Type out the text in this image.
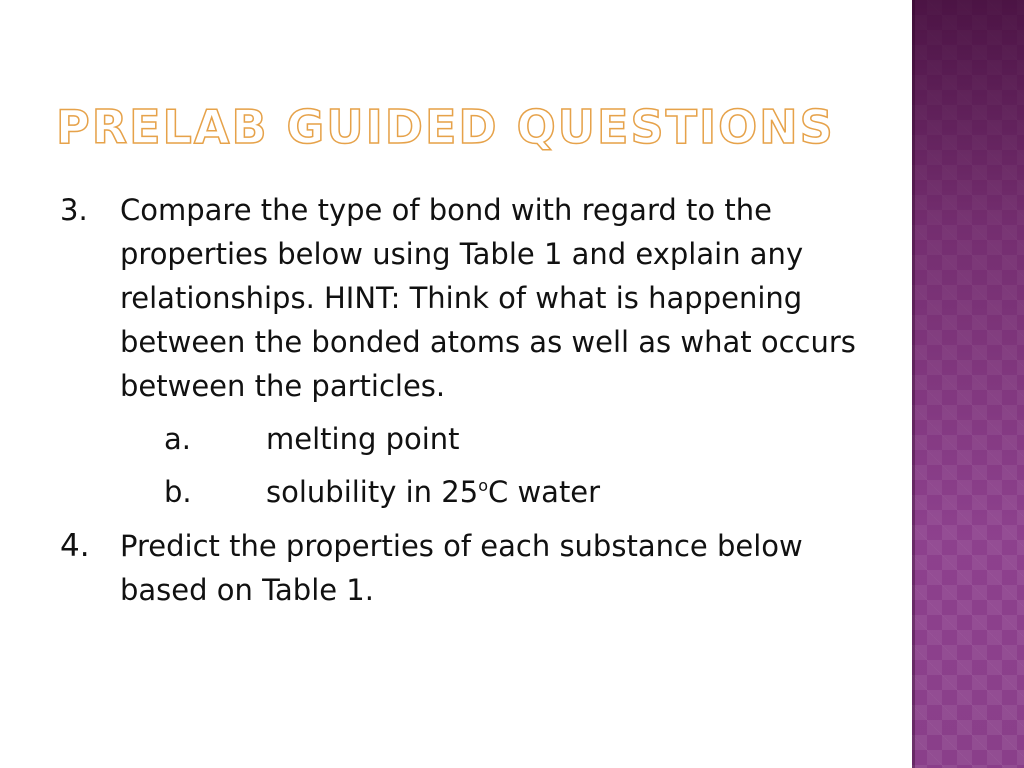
PRELAB GUIDED QUESTIONS
3. Compare the type of bond with regard to the properties below using Table 1 and explain any relationships. HINT: Think of what is happening between the bonded atoms as well as what occurs between the particles.
a.	melting point
b.	solubility in 25$^o$C water
4. Predict the properties of each substance below based on Table 1.
